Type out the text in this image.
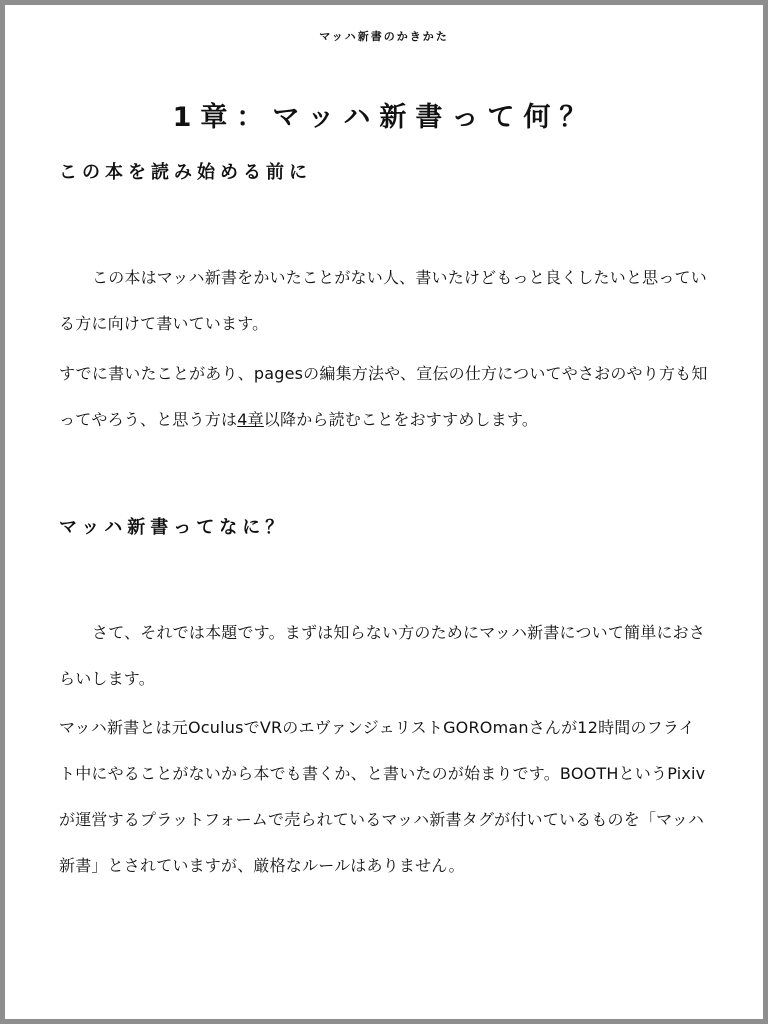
マッハ新書のかきかた
1章：マッハ新書って何？
この本を読み始める前に

この本はマッハ新書をかいたことがない人、書いたけどもっと良くしたいと思っている方に向けて書いています。

すでに書いたことがあり、pagesの編集方法や、宣伝の仕方についてやさおのやり方も知ってやろう、と思う方は4章以降から読むことをおすすめします。

マッハ新書ってなに？

さて、それでは本題です。まずは知らない方のためにマッハ新書について簡単におさらいします。

マッハ新書とは元OculusでVRのエヴァンジェリストGOROmanさんが12時間のフライト中にやることがないから本でも書くか、と書いたのが始まりです。BOOTHというPixivが運営するプラットフォームで売られているマッハ新書タグが付いているものを「マッハ新書」とされていますが、厳格なルールはありません。
